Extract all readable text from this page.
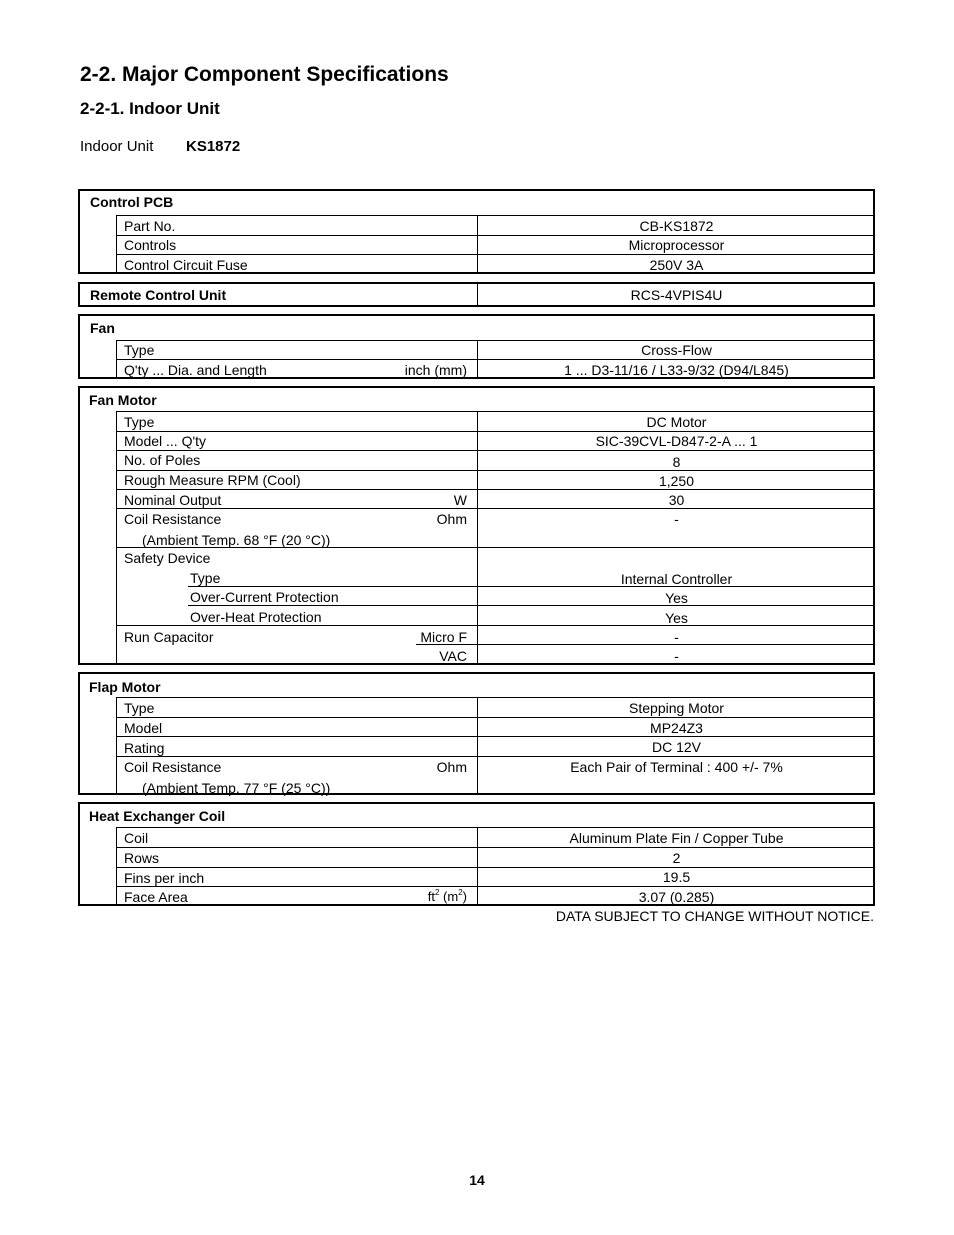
2-2. Major Component Specifications
2-2-1. Indoor Unit
Indoor Unit KS1872
Control PCB
Part No.	CB-KS1872
Controls	Microprocessor
Control Circuit Fuse	250V 3A
Remote Control Unit	RCS-4VPIS4U
Fan
Type	Cross-Flow
Q'ty ... Dia. and Length	inch (mm)	1 ... D3-11/16 / L33-9/32 (D94/L845)
Fan Motor
Type	DC Motor
Model ... Q'ty	SIC-39CVL-D847-2-A ... 1
No. of Poles	8
Rough Measure RPM (Cool)	1,250
Nominal Output	W	30
Coil Resistance	Ohm	-
(Ambient Temp. 68 °F (20 °C))
Safety Device
Type	Internal Controller
Over-Current Protection	Yes
Over-Heat Protection	Yes
Run Capacitor	Micro F	-
VAC	-
Flap Motor
Type	Stepping Motor
Model	MP24Z3
Rating	DC 12V
Coil Resistance	Ohm	Each Pair of Terminal : 400 +/- 7%
(Ambient Temp. 77 °F (25 °C))
Heat Exchanger Coil
Coil	Aluminum Plate Fin / Copper Tube
Rows	2
Fins per inch	19.5
Face Area	$ft^2$ $(m^2)$	3.07 (0.285)
DATA SUBJECT TO CHANGE WITHOUT NOTICE.
14
